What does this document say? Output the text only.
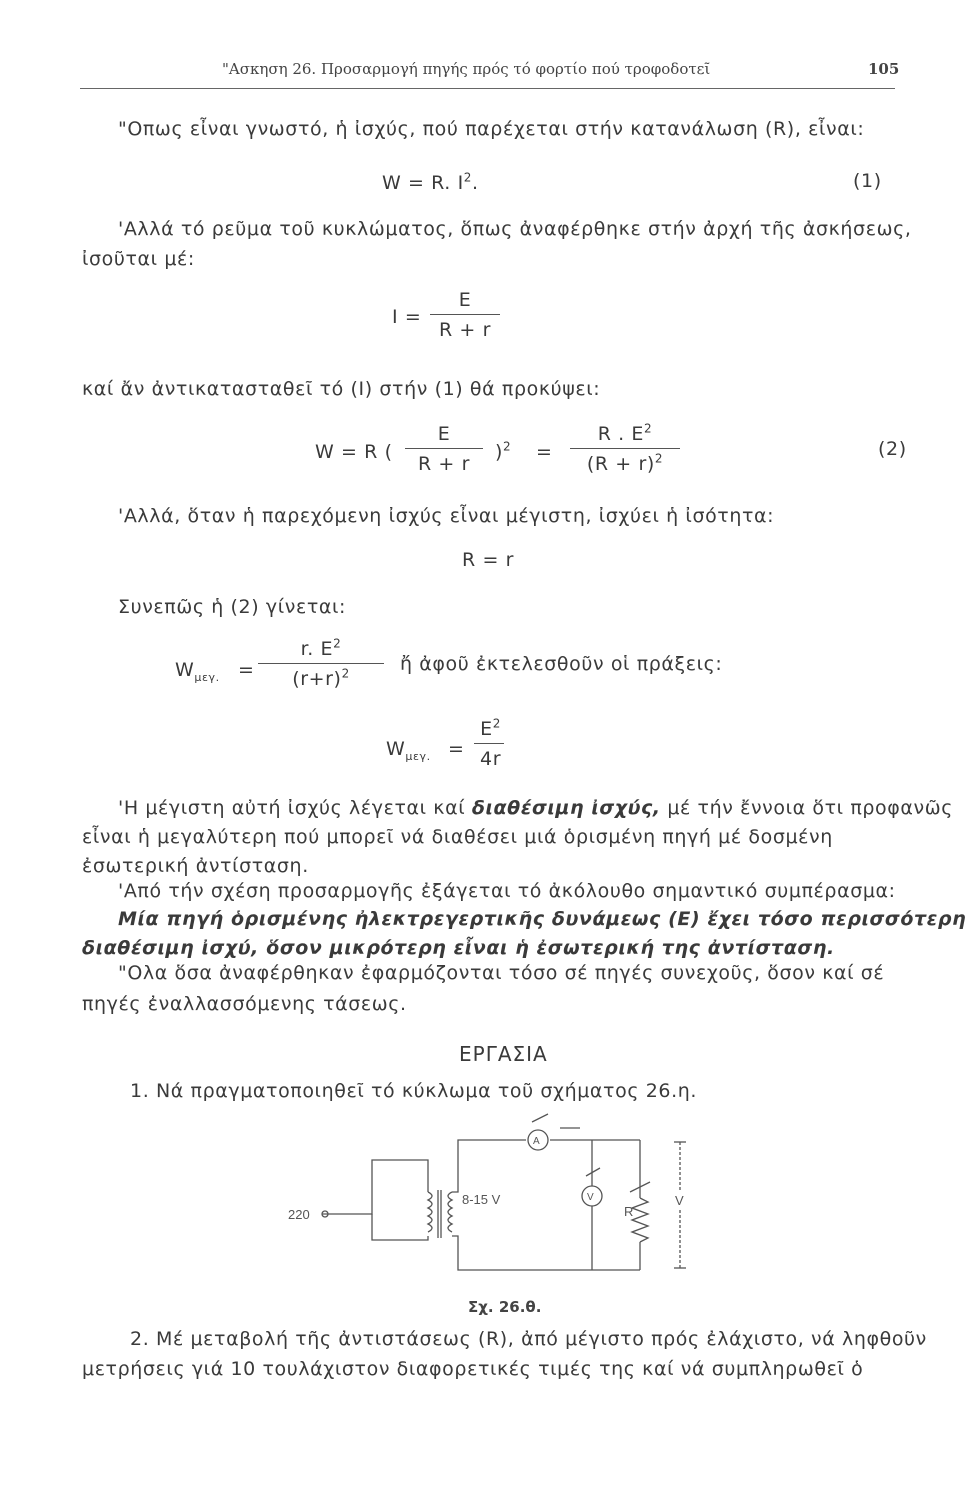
"Ασκηση 26. Προσαρμογή πηγής πρός τό φορτίο πού τροφοδοτεῖ	105
"Οπως εἶναι γνωστό, ἡ ἰσχύς, πού παρέχεται στήν κατανάλωση (R), εἶναι:
W = R. $I^2$.	(1)
'Αλλά τό ρεῦμα τοῦ κυκλώματος, ὅπως ἀναφέρθηκε στήν ἀρχή τῆς ἀσκήσεως,
ἰσοῦται μέ:
I =
E
R + r
καί ἄν ἀντικατασταθεῖ τό (I) στήν (1) θά προκύψει:
W = R (
E
R + r
)$^2$ =
R . $E^2$
$(R + r)^2$	(2)
'Αλλά, ὅταν ἡ παρεχόμενη ἰσχύς εἶναι μέγιστη, ἰσχύει ἡ ἰσότητα:
R = r
Συνεπῶς ἡ (2) γίνεται:
$W_{\mu\varepsilon\gamma.}$ =
r. $E^2$
$(r+r)^2$	ἤ ἀφοῦ ἐκτελεσθοῦν οἱ πράξεις:
$W_{\mu\varepsilon\gamma.}$ =
$E^2$
4r
'Η μέγιστη αὐτή ἰσχύς λέγεται καί διαθέσιμη ἰσχύς, μέ τήν ἔννοια ὅτι προφανῶς
εἶναι ἡ μεγαλύτερη πού μπορεῖ νά διαθέσει μιά ὁρισμένη πηγή μέ δοσμένη
ἐσωτερική ἀντίσταση.
'Από τήν σχέση προσαρμογῆς ἐξάγεται τό ἀκόλουθο σημαντικό συμπέρασμα:
Μία πηγή ὁρισμένης ἠλεκτρεγερτικῆς δυνάμεως (Ε) ἔχει τόσο περισσότερη
διαθέσιμη ἰσχύ, ὅσον μικρότερη εἶναι ἡ ἐσωτερική της ἀντίσταση.
"Ολα ὅσα ἀναφέρθηκαν ἐφαρμόζονται τόσο σέ πηγές συνεχοῦς, ὅσον καί σέ
πηγές ἐναλλασσόμενης τάσεως.
ΕΡΓΑΣΙΑ
1. Νά πραγματοποιηθεῖ τό κύκλωμα τοῦ σχήματος 26.η.
220
8-15 V
A
V
R
V
Σχ. 26.θ.
2. Μέ μεταβολή τῆς ἀντιστάσεως (R), ἀπό μέγιστο πρός ἐλάχιστο, νά ληφθοῦν
μετρήσεις γιά 10 τουλάχιστον διαφορετικές τιμές της καί νά συμπληρωθεῖ ὁ
